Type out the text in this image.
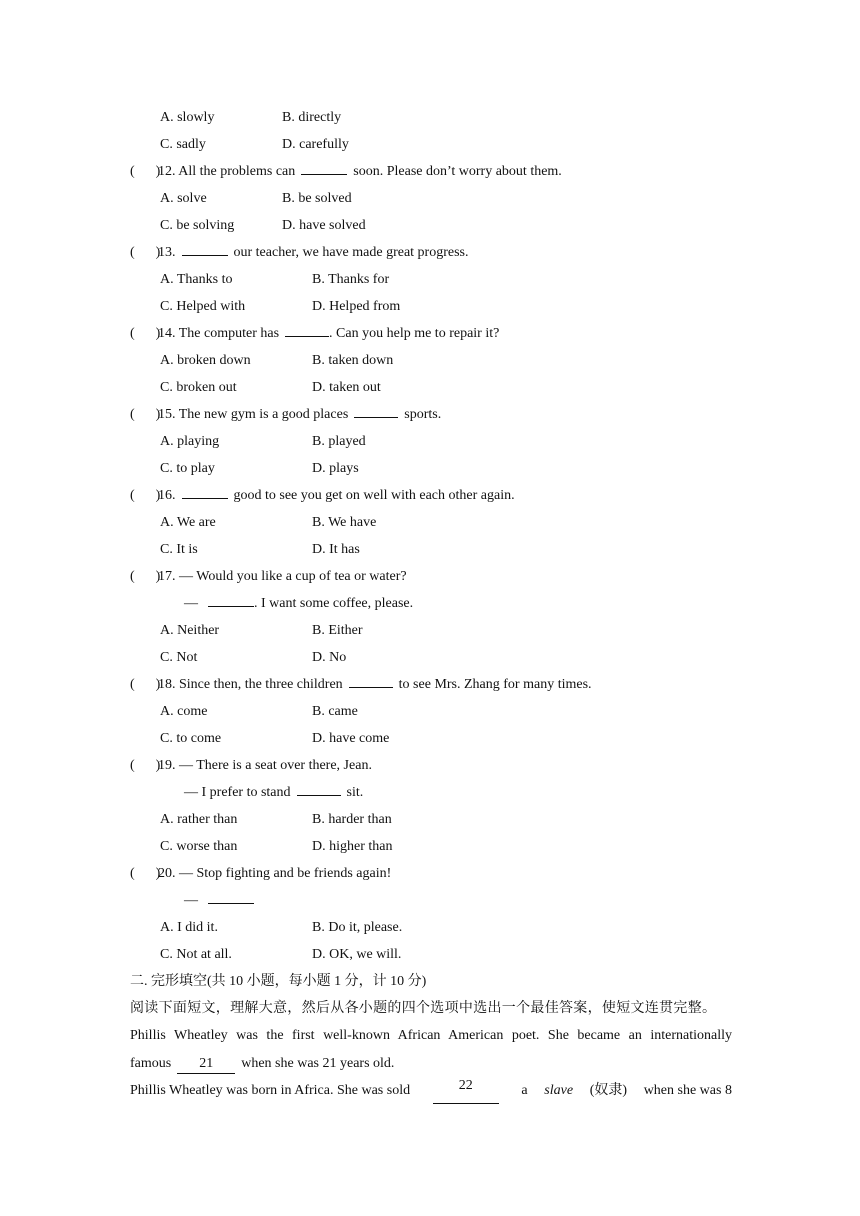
A. slowly	B. directly
C. sadly	D. carefully
(      )
12. All the problems can	soon. Please don’t worry about them.
A. solve	B. be solved
C. be solving	D. have solved
(      )
13.	our teacher, we have made great progress.
A. Thanks to	B. Thanks for
C. Helped with	D. Helped from
(      )
14. The computer has	. Can you help me to repair it?
A. broken down	B. taken down
C. broken out	D. taken out
(      )
15. The new gym is a good places	sports.
A. playing	B. played
C. to play	D. plays
(      )
16.	good to see you get on well with each other again.
A. We are	B. We have
C. It is	D. It has
(      )
17. — Would you like a cup of tea or water?
—	. I want some coffee, please.
A. Neither	B. Either
C. Not	D. No
(      )
18. Since then, the three children	to see Mrs. Zhang for many times.
A. come	B. came
C. to come	D. have come
(      )
19. — There is a seat over there, Jean.
— I prefer to stand	sit.
A. rather than	B. harder than
C. worse than	D. higher than
(      )
20. — Stop fighting and be friends again!
—
A. I did it.	B. Do it, please.
C. Not at all.	D. OK, we will.
二. 完形填空(共 10 小题，每小题 1 分，计 10 分)
阅读下面短文，理解大意，然后从各小题的四个选项中选出一个最佳答案，使短文连贯完整。
Phillis Wheatley was the first well-known African American poet. She became an internationally
famous 21 when she was 21 years old.
Phillis Wheatley was born in Africa. She was sold	22	a slave (奴隶) when she was 8
